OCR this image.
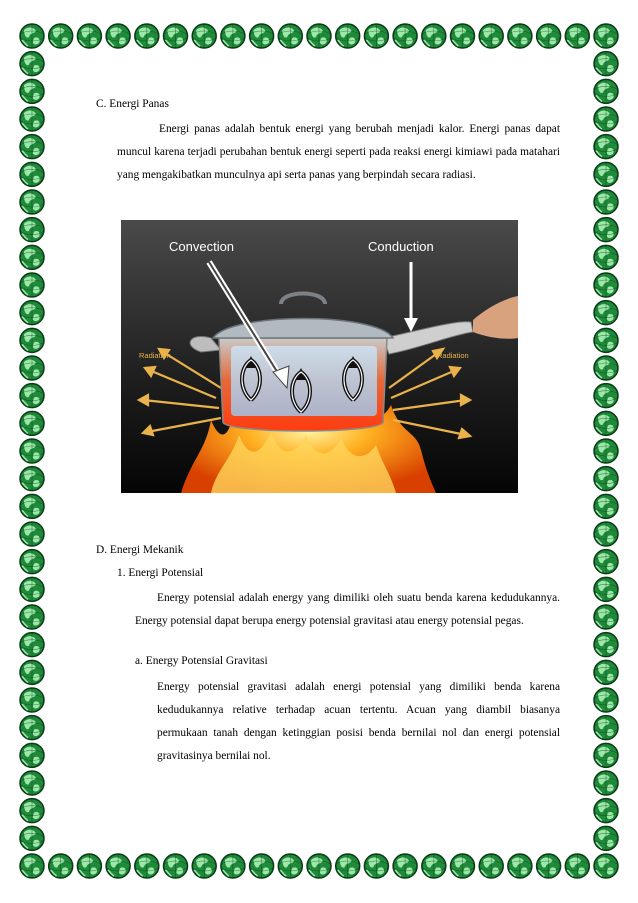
C. Energi Panas
Energi panas adalah bentuk energi yang berubah menjadi kalor. Energi panas dapat muncul karena terjadi perubahan bentuk energi seperti pada reaksi energi kimiawi pada matahari yang mengakibatkan munculnya api serta panas yang berpindah secara radiasi.
Convection	Conduction
Radiation	Radiation
D. Energi Mekanik
1. Energi Potensial
Energy potensial adalah energy yang dimiliki oleh suatu benda karena kedudukannya. Energy potensial dapat berupa energy potensial gravitasi atau energy potensial pegas.
a. Energy Potensial Gravitasi
Energy potensial gravitasi adalah energi potensial yang dimiliki benda karena kedudukannya relative terhadap acuan tertentu. Acuan yang diambil biasanya permukaan tanah dengan ketinggian posisi benda bernilai nol dan energi potensial gravitasinya bernilai nol.
